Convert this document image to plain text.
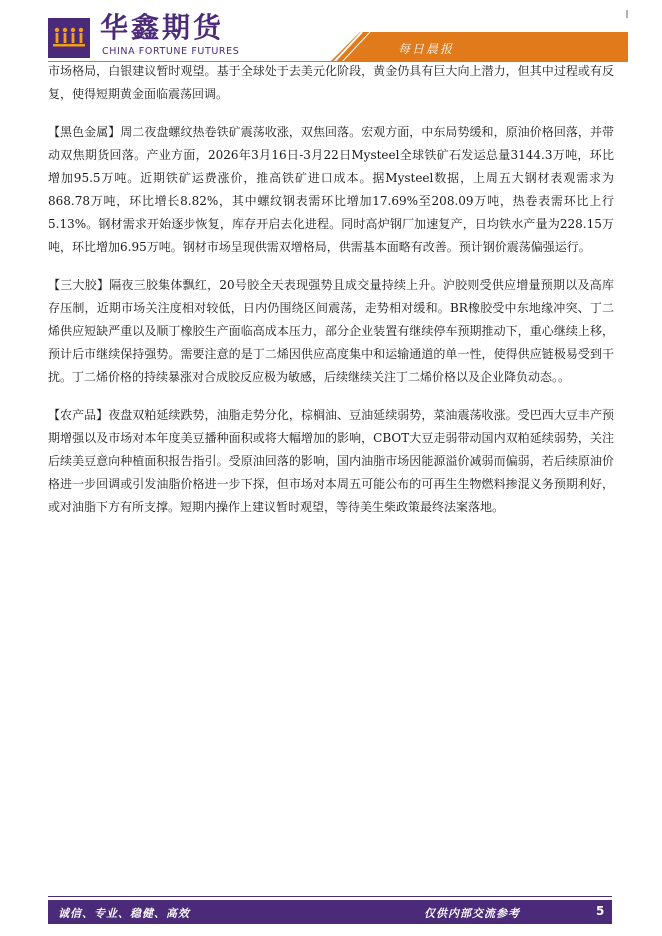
华鑫期货
CHINA FORTUNE FUTURES	每日晨报

市场格局，白银建议暂时观望。基于全球处于去美元化阶段，黄金仍具有巨大向上潜力，但其中过程或有反复，使得短期黄金面临震荡回调。

【黑色金属】周二夜盘螺纹热卷铁矿震荡收涨，双焦回落。宏观方面，中东局势缓和，原油价格回落，并带动双焦期货回落。产业方面，2026年3月16日-3月22日Mysteel全球铁矿石发运总量3144.3万吨，环比增加95.5万吨。近期铁矿运费涨价，推高铁矿进口成本。据Mysteel数据，上周五大钢材表观需求为868.78万吨，环比增长8.82%，其中螺纹钢表需环比增加17.69%至208.09万吨，热卷表需环比上行5.13%。钢材需求开始逐步恢复，库存开启去化进程。同时高炉钢厂加速复产，日均铁水产量为228.15万吨，环比增加6.95万吨。钢材市场呈现供需双增格局，供需基本面略有改善。预计钢价震荡偏强运行。

【三大胶】隔夜三胶集体飘红，20号胶全天表现强势且成交量持续上升。沪胶则受供应增量预期以及高库存压制，近期市场关注度相对较低，日内仍围绕区间震荡，走势相对缓和。BR橡胶受中东地缘冲突、丁二烯供应短缺严重以及顺丁橡胶生产面临高成本压力，部分企业装置有继续停车预期推动下，重心继续上移，预计后市继续保持强势。需要注意的是丁二烯因供应高度集中和运输通道的单一性，使得供应链极易受到干扰。丁二烯价格的持续暴涨对合成胶反应极为敏感，后续继续关注丁二烯价格以及企业降负动态。。

【农产品】夜盘双粕延续跌势，油脂走势分化，棕榈油、豆油延续弱势，菜油震荡收涨。受巴西大豆丰产预期增强以及市场对本年度美豆播种面积或将大幅增加的影响，CBOT大豆走弱带动国内双粕延续弱势，关注后续美豆意向种植面积报告指引。受原油回落的影响，国内油脂市场因能源溢价减弱而偏弱，若后续原油价格进一步回调或引发油脂价格进一步下探，但市场对本周五可能公布的可再生生物燃料掺混义务预期利好，或对油脂下方有所支撑。短期内操作上建议暂时观望，等待美生柴政策最终法案落地。

诚信、专业、稳健、高效	仅供内部交流参考	5
